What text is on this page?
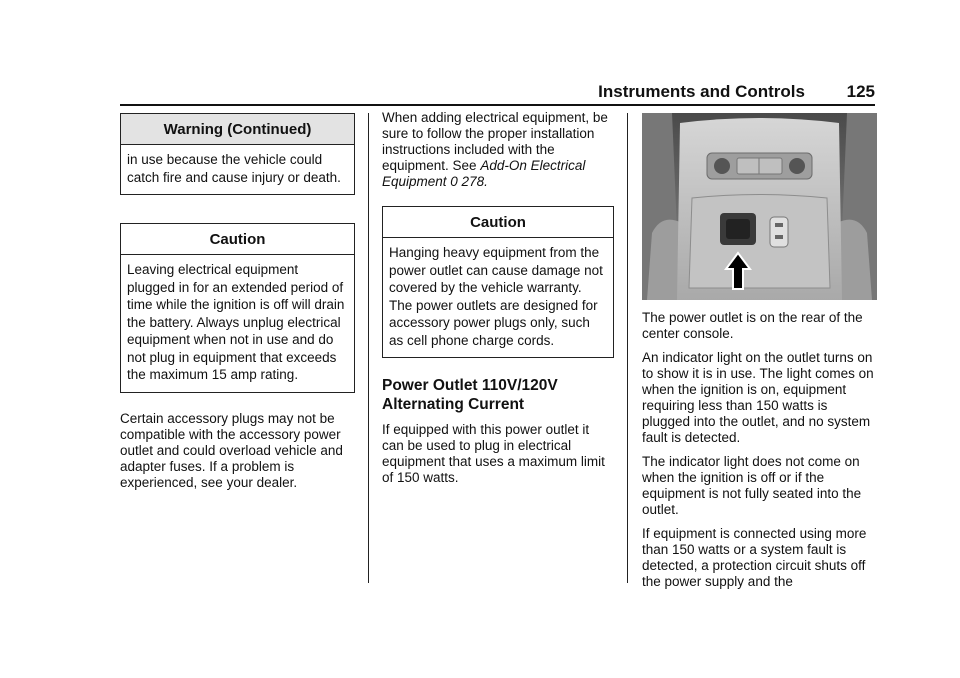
Instruments and Controls 125
Warning (Continued)
in use because the vehicle could catch fire and cause injury or death.
Caution
Leaving electrical equipment plugged in for an extended period of time while the ignition is off will drain the battery. Always unplug electrical equipment when not in use and do not plug in equipment that exceeds the maximum 15 amp rating.

Certain accessory plugs may not be compatible with the accessory power outlet and could overload vehicle and adapter fuses. If a problem is experienced, see your dealer.

When adding electrical equipment, be sure to follow the proper installation instructions included with the equipment. See Add-On Electrical Equipment 0 278.

Caution
Hanging heavy equipment from the power outlet can cause damage not covered by the vehicle warranty. The power outlets are designed for accessory power plugs only, such as cell phone charge cords.
Power Outlet 110V/120V Alternating Current

If equipped with this power outlet it can be used to plug in electrical equipment that uses a maximum limit of 150 watts.

The power outlet is on the rear of the center console.

An indicator light on the outlet turns on to show it is in use. The light comes on when the ignition is on, equipment requiring less than 150 watts is plugged into the outlet, and no system fault is detected.

The indicator light does not come on when the ignition is off or if the equipment is not fully seated into the outlet.

If equipment is connected using more than 150 watts or a system fault is detected, a protection circuit shuts off the power supply and the
